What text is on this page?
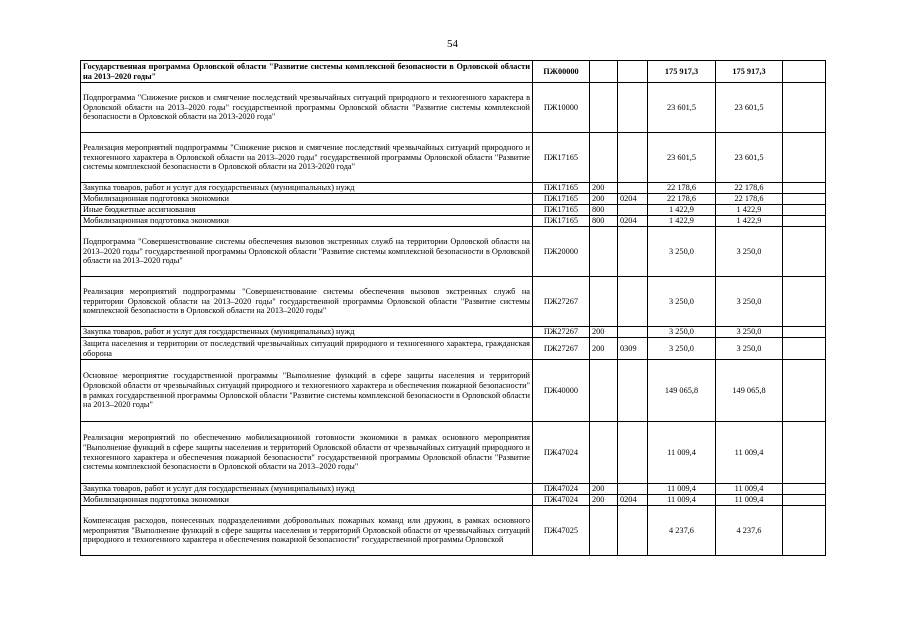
54
Государственная программа Орловской области "Развитие системы комплексной безопасности в Орловской области на 2013–2020 годы"	ПЖ00000			175 917,3	175 917,3	
Подпрограмма "Снижение рисков и смягчение последствий чрезвычайных ситуаций природного и техногенного характера в Орловской области на 2013–2020 годы" государственной программы Орловской области "Развитие системы комплексной безопасности в Орловской области на 2013-2020 года"	ПЖ10000			23 601,5	23 601,5	
Реализация мероприятий подпрограммы "Снижение рисков и смягчение последствий чрезвычайных ситуаций природного и техногенного характера в Орловской области на 2013–2020 годы" государственной программы Орловской области "Развитие системы комплексной безопасности в Орловской области на 2013-2020 года"	ПЖ17165			23 601,5	23 601,5	
Закупка товаров, работ и услуг для государственных (муниципальных) нужд	ПЖ17165	200		22 178,6	22 178,6	
Мобилизационная подготовка экономики	ПЖ17165	200	0204	22 178,6	22 178,6	
Иные бюджетные ассигнования	ПЖ17165	800		1 422,9	1 422,9	
Мобилизационная подготовка экономики	ПЖ17165	800	0204	1 422,9	1 422,9	
Подпрограмма "Совершенствование системы обеспечения вызовов экстренных служб на территории Орловской области на 2013–2020 годы" государственной программы Орловской области "Развитие системы комплексной безопасности в Орловской области на 2013–2020 годы"	ПЖ20000			3 250,0	3 250,0	
Реализация мероприятий подпрограммы "Совершенствование системы обеспечения вызовов экстренных служб на территории Орловской области на 2013–2020 годы" государственной программы Орловской области "Развитие системы комплексной безопасности в Орловской области на 2013–2020 годы"	ПЖ27267			3 250,0	3 250,0	
Закупка товаров, работ и услуг для государственных (муниципальных) нужд	ПЖ27267	200		3 250,0	3 250,0	
Защита населения и территории от последствий чрезвычайных ситуаций природного и техногенного характера, гражданская оборона	ПЖ27267	200	0309	3 250,0	3 250,0	
Основное мероприятие государственной программы "Выполнение функций в сфере защиты населения и территорий Орловской области от чрезвычайных ситуаций природного и техногенного характера и обеспечения пожарной безопасности" в рамках государственной программы Орловской области "Развитие системы комплексной безопасности в Орловской области на 2013–2020 годы"	ПЖ40000			149 065,8	149 065,8	
Реализация мероприятий по обеспечению мобилизационной готовности экономики в рамках основного мероприятия "Выполнение функций в сфере защиты населения и территорий Орловской области от чрезвычайных ситуаций природного и техногенного характера и обеспечения пожарной безопасности" государственной программы Орловской области "Развитие системы комплексной безопасности в Орловской области на 2013–2020 годы"	ПЖ47024			11 009,4	11 009,4	
Закупка товаров, работ и услуг для государственных (муниципальных) нужд	ПЖ47024	200		11 009,4	11 009,4	
Мобилизационная подготовка экономики	ПЖ47024	200	0204	11 009,4	11 009,4	
Компенсация расходов, понесенных подразделениями добровольных пожарных команд или дружин, в рамках основного мероприятия "Выполнение функций в сфере защиты населения и территорий Орловской области от чрезвычайных ситуаций природного и техногенного характера и обеспечения пожарной безопасности" государственной программы Орловской	ПЖ47025			4 237,6	4 237,6	
